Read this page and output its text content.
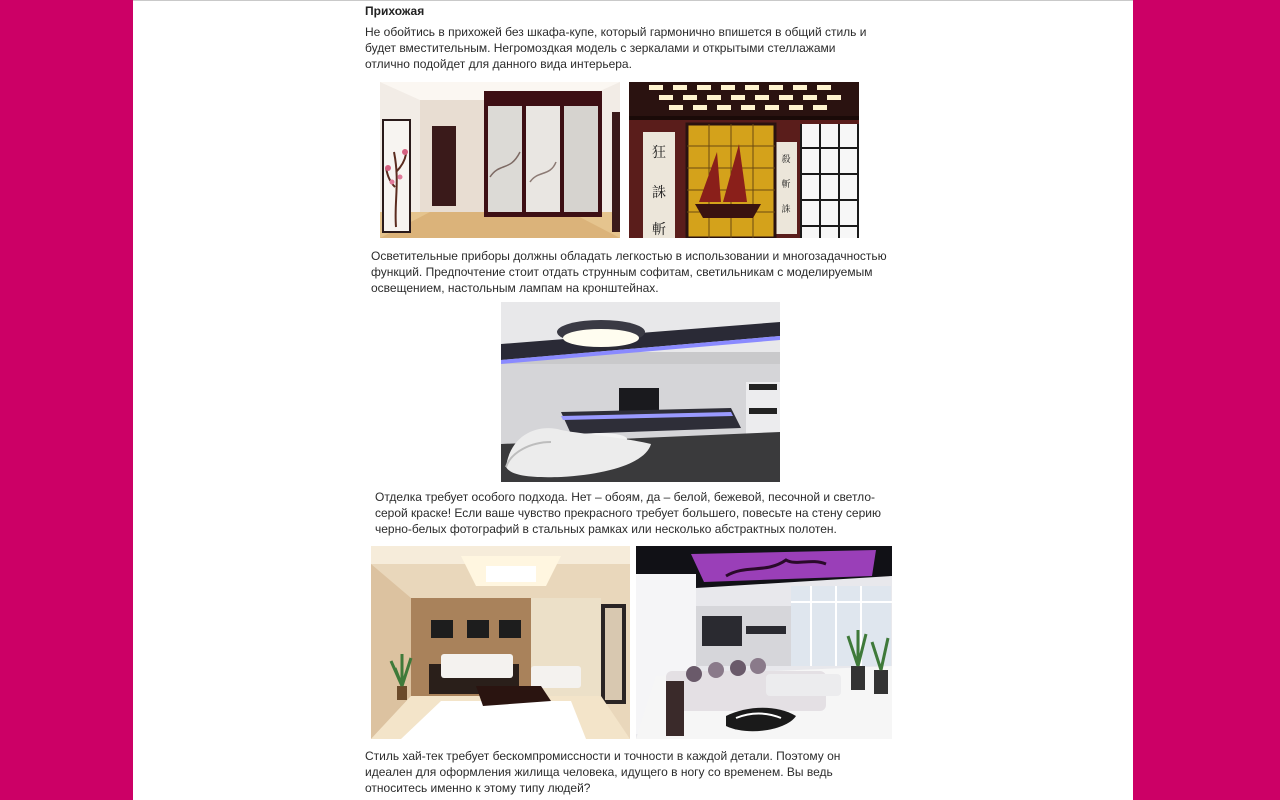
Прихожая
Не обойтись в прихожей без шкафа-купе, который гармонично впишется в общий стиль и
будет вместительным. Негромоздкая модель с зеркалами и открытыми стеллажами
отлично подойдет для данного вида интерьера.
狂
誅
斬
殺
斬
誅
Осветительные приборы должны обладать легкостью в использовании и многозадачностью
функций. Предпочтение стоит отдать струнным софитам, светильникам с моделируемым
освещением, настольным лампам на кронштейнах.
Отделка требует особого подхода. Нет – обоям, да – белой, бежевой, песочной и светло-
серой краске! Если ваше чувство прекрасного требует большего, повесьте на стену серию
черно-белых фотографий в стальных рамках или несколько абстрактных полотен.
Стиль хай-тек требует бескомпромиссности и точности в каждой детали. Поэтому он
идеален для оформления жилища человека, идущего в ногу со временем. Вы ведь
относитесь именно к этому типу людей?
